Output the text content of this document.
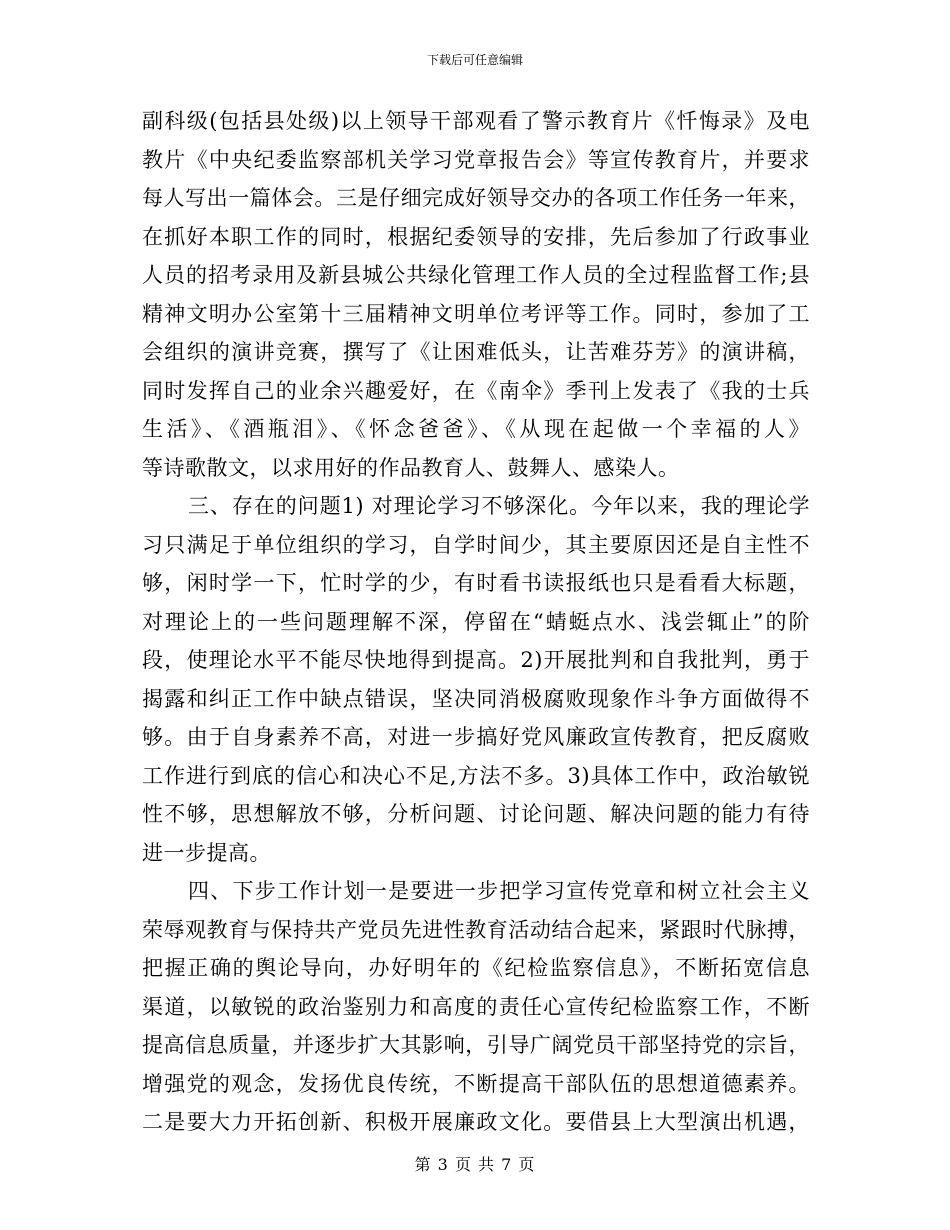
下载后可任意编辑
副科级(包括县处级)以上领导干部观看了警示教育片《忏悔录》及电
教片《中央纪委监察部机关学习党章报告会》等宣传教育片，并要求
每人写出一篇体会。三是仔细完成好领导交办的各项工作任务一年来，
在抓好本职工作的同时，根据纪委领导的安排，先后参加了行政事业
人员的招考录用及新县城公共绿化管理工作人员的全过程监督工作;县
精神文明办公室第十三届精神文明单位考评等工作。同时，参加了工
会组织的演讲竞赛，撰写了《让困难低头，让苦难芬芳》的演讲稿，
同时发挥自己的业余兴趣爱好，在《南伞》季刊上发表了《我的士兵
生活》、《酒瓶泪》、《怀念爸爸》、《从现在起做一个幸福的人》
等诗歌散文，以求用好的作品教育人、鼓舞人、感染人。
三、存在的问题1) 对理论学习不够深化。今年以来，我的理论学
习只满足于单位组织的学习，自学时间少，其主要原因还是自主性不
够，闲时学一下，忙时学的少，有时看书读报纸也只是看看大标题，
对理论上的一些问题理解不深，停留在“蜻蜓点水、浅尝辄止”的阶
段，使理论水平不能尽快地得到提高。2)开展批判和自我批判，勇于
揭露和纠正工作中缺点错误，坚决同消极腐败现象作斗争方面做得不
够。由于自身素养不高，对进一步搞好党风廉政宣传教育，把反腐败
工作进行到底的信心和决心不足,方法不多。3)具体工作中，政治敏锐
性不够，思想解放不够，分析问题、讨论问题、解决问题的能力有待
进一步提高。
四、下步工作计划一是要进一步把学习宣传党章和树立社会主义
荣辱观教育与保持共产党员先进性教育活动结合起来，紧跟时代脉搏，
把握正确的舆论导向，办好明年的《纪检监察信息》，不断拓宽信息
渠道，以敏锐的政治鉴别力和高度的责任心宣传纪检监察工作，不断
提高信息质量，并逐步扩大其影响，引导广阔党员干部坚持党的宗旨，
增强党的观念，发扬优良传统，不断提高干部队伍的思想道德素养。
二是要大力开拓创新、积极开展廉政文化。要借县上大型演出机遇，
第 3 页 共 7 页
